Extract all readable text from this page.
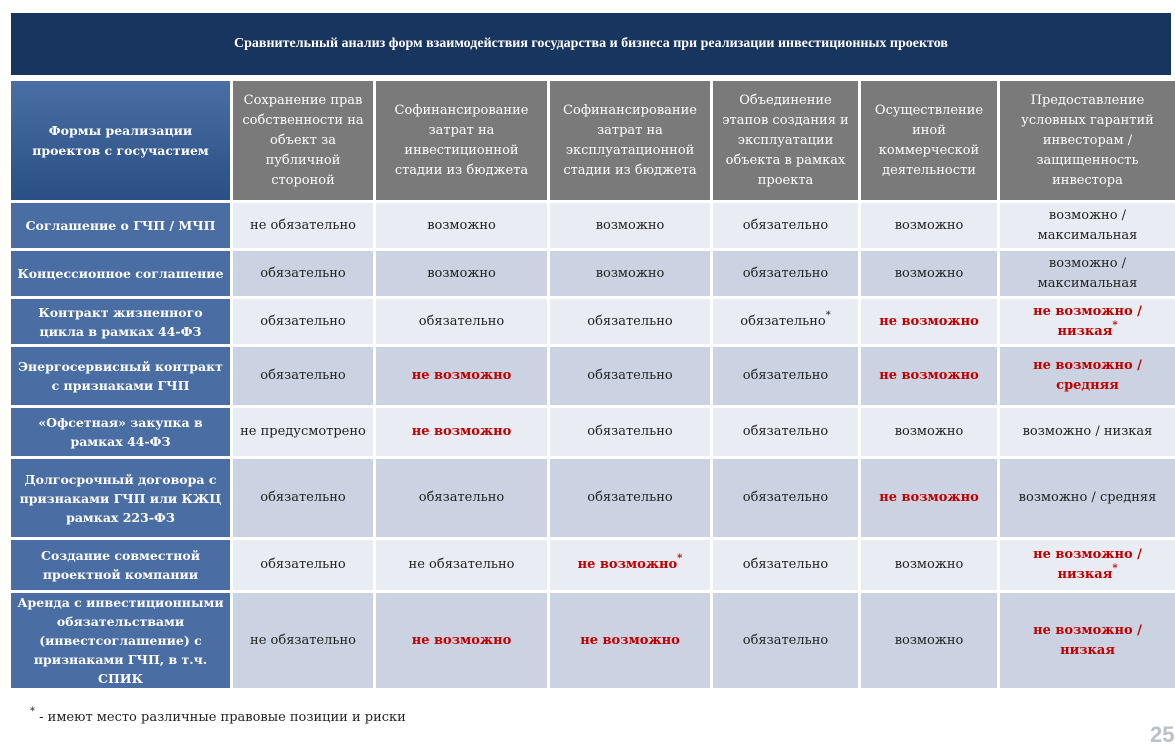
Сравнительный анализ форм взаимодействия государства и бизнеса при реализации инвестиционных проектов
Формы реализации проектов с госучастием	Сохранение прав собственности на объект за публичной стороной	Софинансирование затрат на инвестиционной стадии из бюджета	Софинансирование затрат на эксплуатационной стадии из бюджета	Объединение этапов создания и эксплуатации объекта в рамках проекта	Осуществление иной коммерческой деятельности	Предоставление условных гарантий инвесторам / защищенность инвестора
Соглашение о ГЧП / МЧП	не обязательно	возможно	возможно	обязательно	возможно	возможно / максимальная
Концессионное соглашение	обязательно	возможно	возможно	обязательно	возможно	возможно / максимальная
Контракт жизненного цикла в рамках 44-ФЗ	обязательно	обязательно	обязательно	обязательно*	не возможно	не возможно / низкая*
Энергосервисный контракт с признаками ГЧП	обязательно	не возможно	обязательно	обязательно	не возможно	не возможно / средняя
«Офсетная» закупка в рамках 44-ФЗ	не предусмотрено	не возможно	обязательно	обязательно	возможно	возможно / низкая
Долгосрочный договора с признаками ГЧП или КЖЦ рамках 223-ФЗ	обязательно	обязательно	обязательно	обязательно	не возможно	возможно / средняя
Создание совместной проектной компании	обязательно	не обязательно	не возможно*	обязательно	возможно	не возможно / низкая*
Аренда с инвестиционными обязательствами (инвестсоглашение) с признаками ГЧП, в т.ч. СПИК	не обязательно	не возможно	не возможно	обязательно	возможно	не возможно / низкая
* - имеют место различные правовые позиции и риски
25
